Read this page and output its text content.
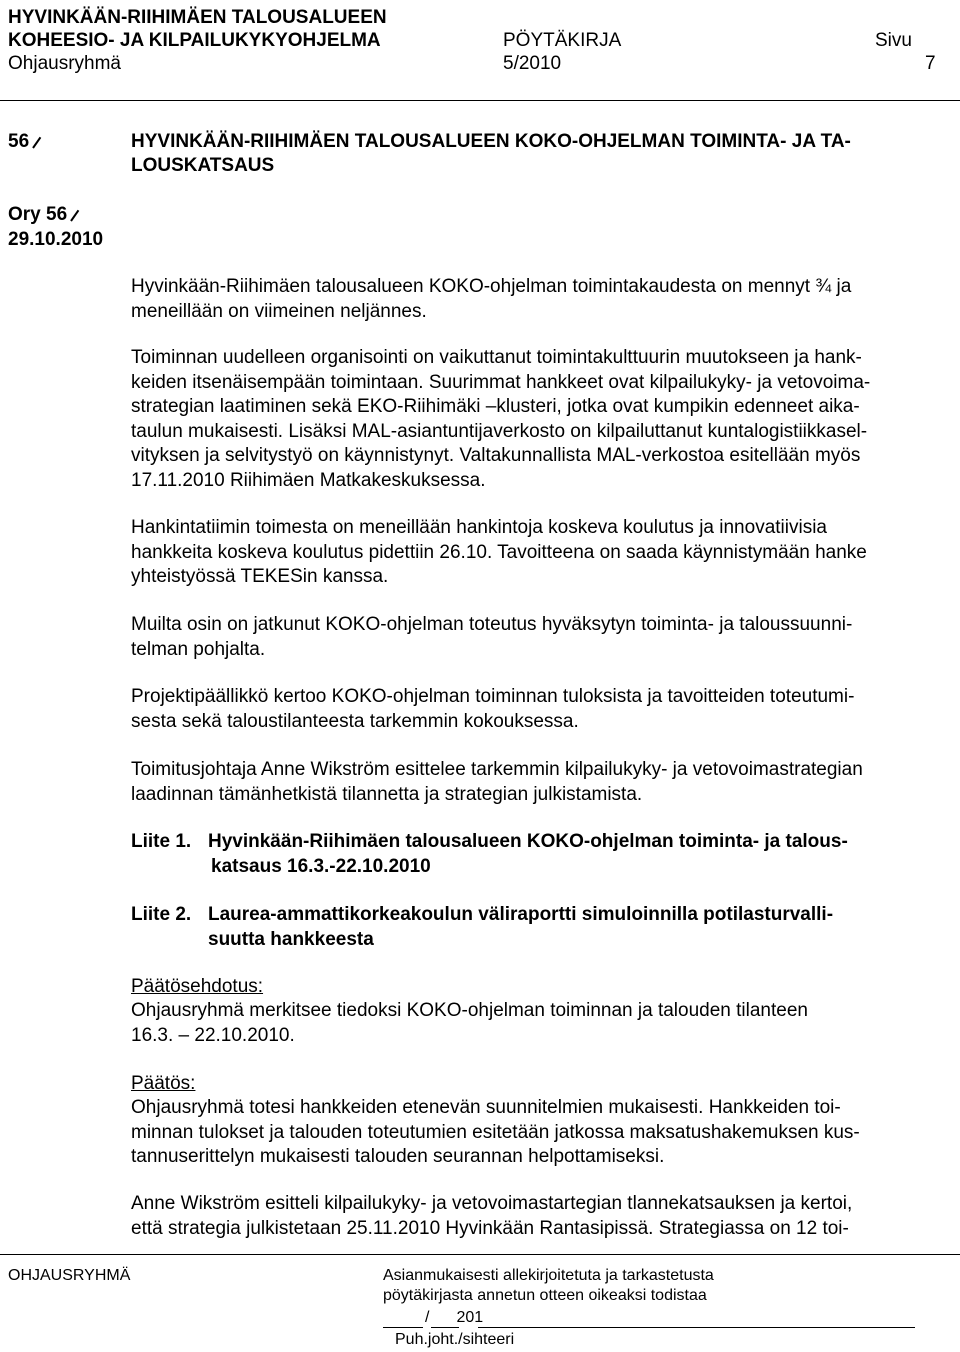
HYVINKÄÄN-RIIHIMÄEN TALOUSALUEEN
KOHEESIO- JA KILPAILUKYKYOHJELMA	PÖYTÄKIRJA	Sivu
Ohjausryhmä	5/2010	7
56	HYVINKÄÄN-RIIHIMÄEN TALOUSALUEEN KOKO-OHJELMAN TOIMINTA- JA TA-
LOUSKATSAUS
Ory 56
29.10.2010
Hyvinkään-Riihimäen talousalueen KOKO-ohjelman toimintakaudesta on mennyt ¾ ja
meneillään on viimeinen neljännes.
Toiminnan uudelleen organisointi on vaikuttanut toimintakulttuurin muutokseen ja hank-
keiden itsenäisempään toimintaan. Suurimmat hankkeet ovat kilpailukyky- ja vetovoima-
strategian laatiminen sekä EKO-Riihimäki –klusteri, jotka ovat kumpikin edenneet aika-
taulun mukaisesti. Lisäksi MAL-asiantuntijaverkosto on kilpailuttanut kuntalogistiikkasel-
vityksen ja selvitystyö on käynnistynyt. Valtakunnallista MAL-verkostoa esitellään myös
17.11.2010 Riihimäen Matkakeskuksessa.
Hankintatiimin toimesta on meneillään hankintoja koskeva koulutus ja innovatiivisia
hankkeita koskeva koulutus pidettiin 26.10. Tavoitteena on saada käynnistymään hanke
yhteistyössä TEKESin kanssa.
Muilta osin on jatkunut KOKO-ohjelman toteutus hyväksytyn toiminta- ja taloussuunni-
telman pohjalta.
Projektipäällikkö kertoo KOKO-ohjelman toiminnan tuloksista ja tavoitteiden toteutumi-
sesta sekä taloustilanteesta tarkemmin kokouksessa.
Toimitusjohtaja Anne Wikström esittelee tarkemmin kilpailukyky- ja vetovoimastrategian
laadinnan tämänhetkistä tilannetta ja strategian julkistamista.
Liite 1. Hyvinkään-Riihimäen talousalueen KOKO-ohjelman toiminta- ja talous-
katsaus 16.3.-22.10.2010
Liite 2. Laurea-ammattikorkeakoulun väliraportti simuloinnilla potilasturvalli-
suutta hankkeesta
Päätösehdotus:
Ohjausryhmä merkitsee tiedoksi KOKO-ohjelman toiminnan ja talouden tilanteen
16.3. – 22.10.2010.
Päätös:
Ohjausryhmä totesi hankkeiden etenevän suunnitelmien mukaisesti. Hankkeiden toi-
minnan tulokset ja talouden toteutumien esitetään jatkossa maksatushakemuksen kus-
tannuserittelyn mukaisesti talouden seurannan helpottamiseksi.
Anne Wikström esitteli kilpailukyky- ja vetovoimastartegian tlannekatsauksen ja kertoi,
että strategia julkistetaan 25.11.2010 Hyvinkään Rantasipissä. Strategiassa on 12 toi-
OHJAUSRYHMÄ	Asianmukaisesti allekirjoitetuta ja tarkastetusta
pöytäkirjasta annetun otteen oikeaksi todistaa
/ 201
Puh.joht./sihteeri
